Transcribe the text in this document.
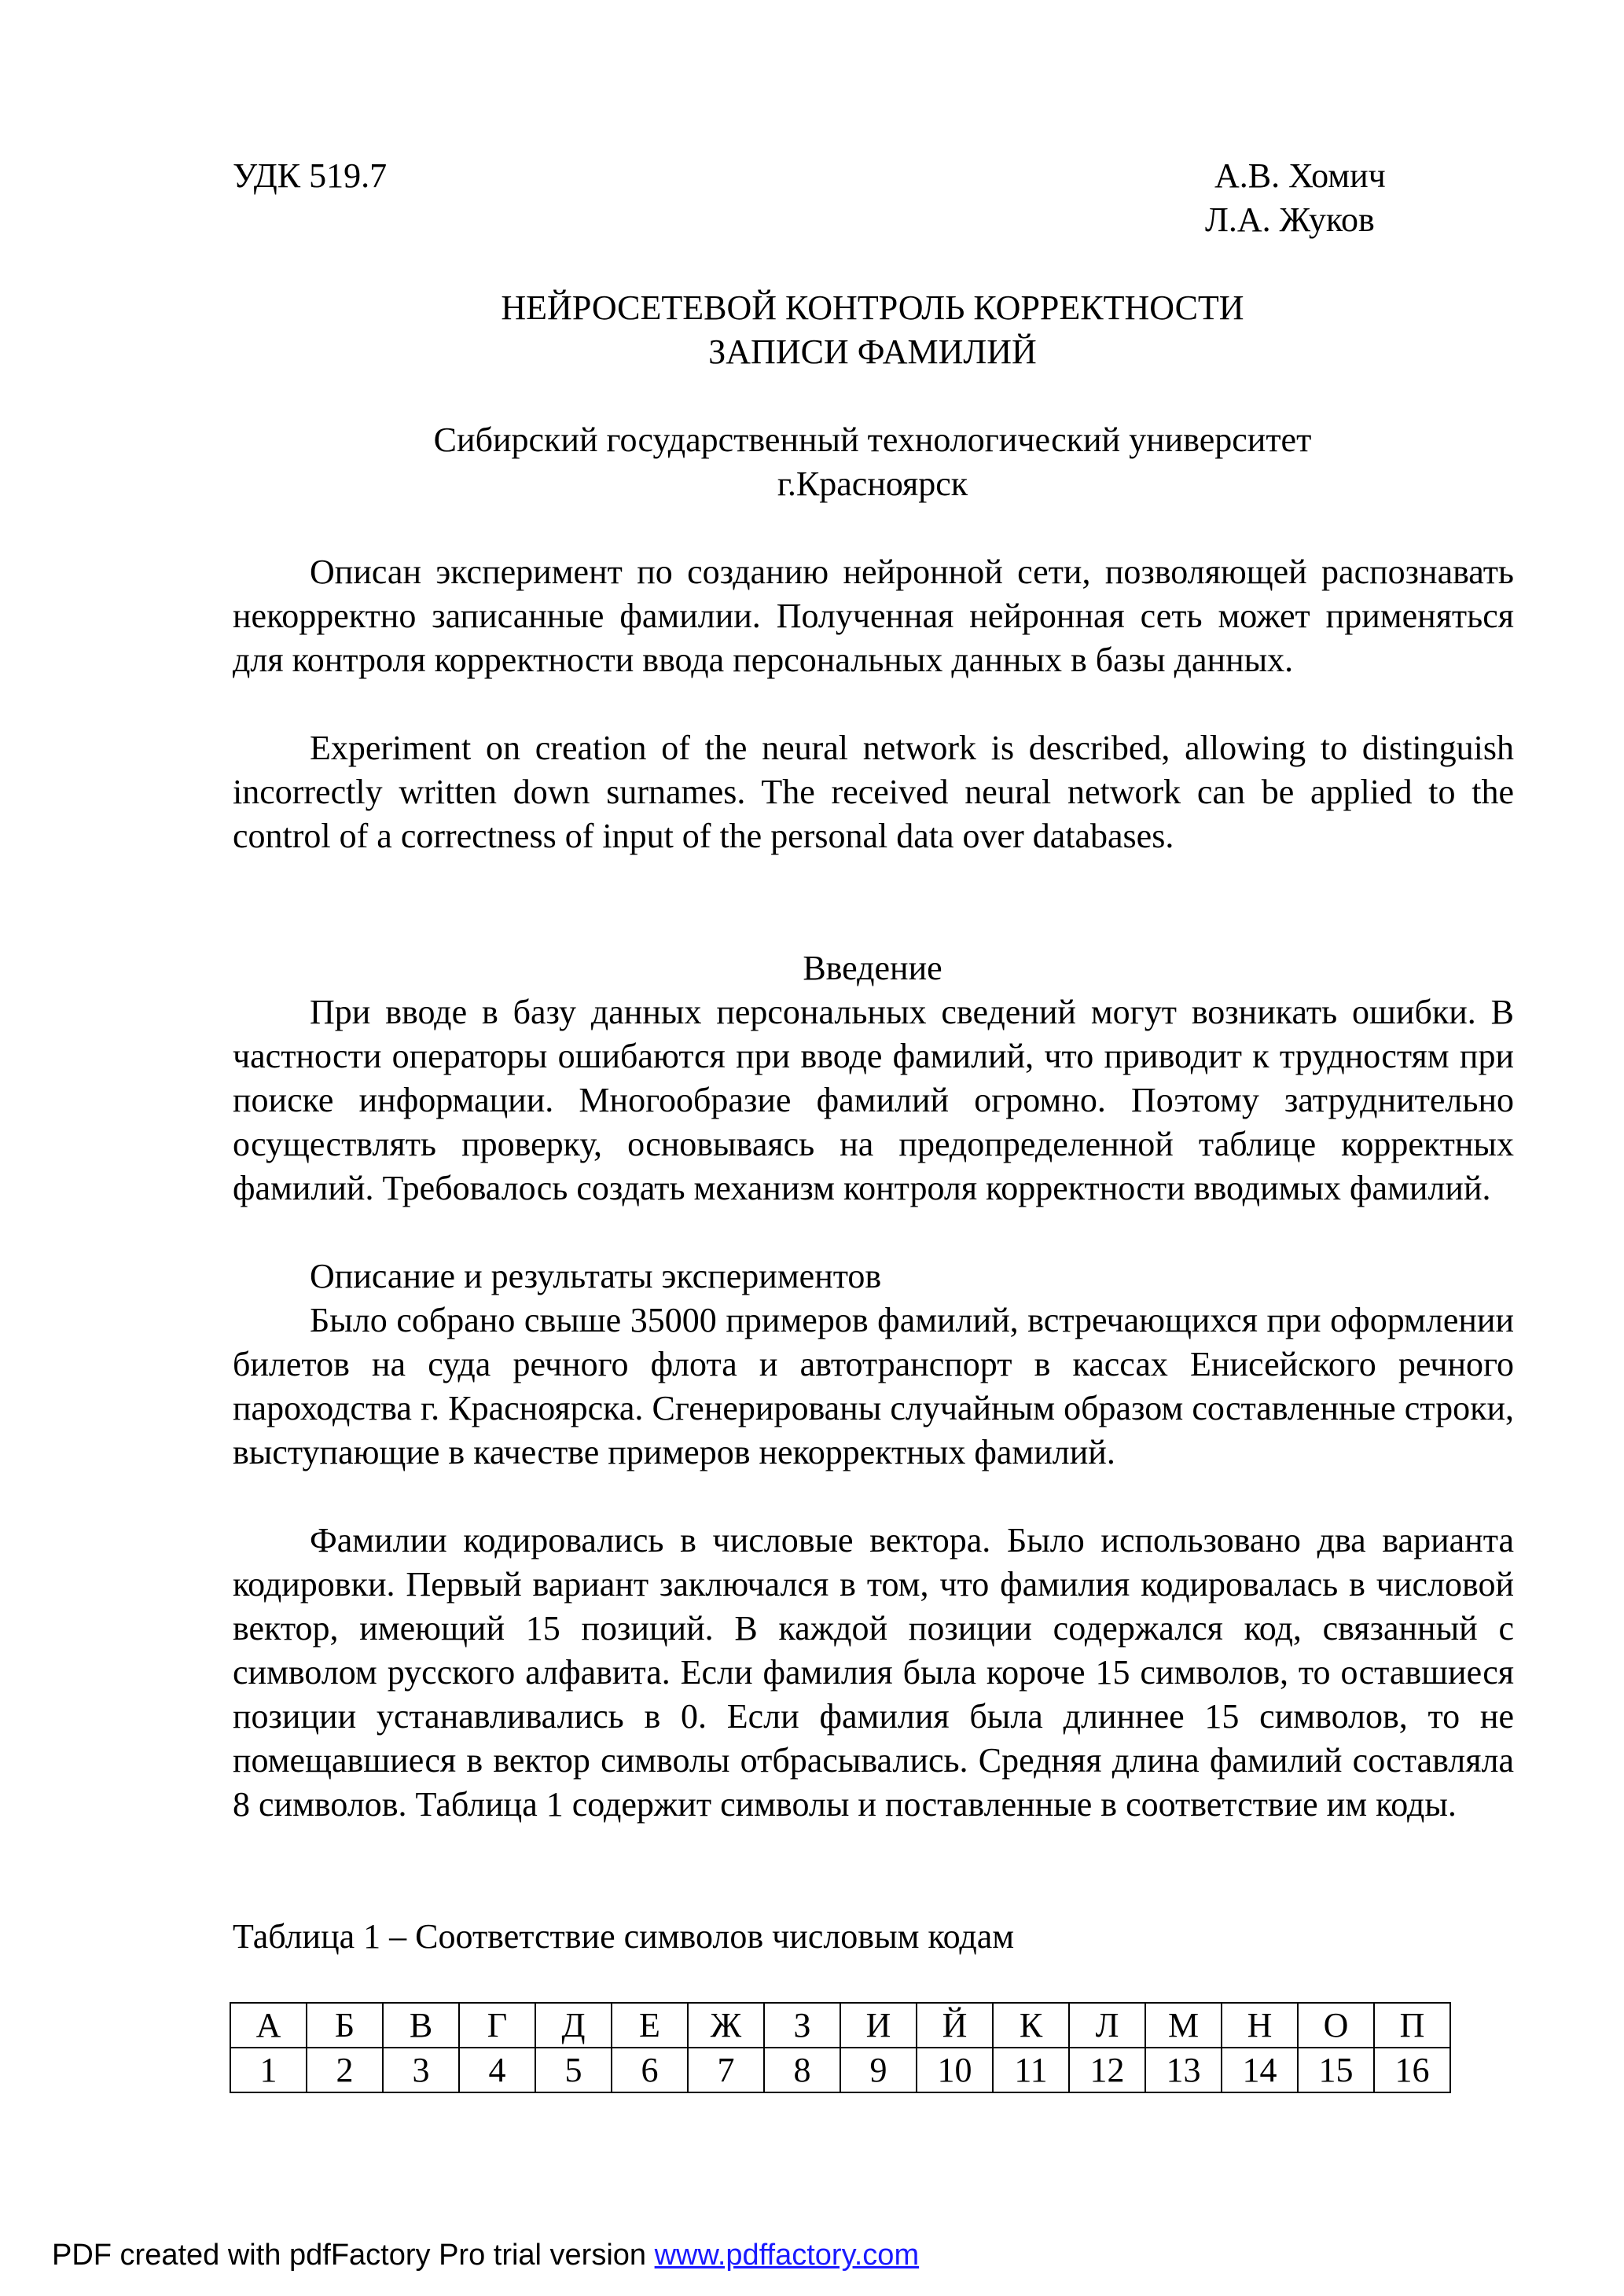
УДК 519.7	А.В. Хомич
Л.А. Жуков
НЕЙРОСЕТЕВОЙ КОНТРОЛЬ КОРРЕКТНОСТИ
ЗАПИСИ ФАМИЛИЙ
Сибирский государственный технологический университет
г.Красноярск
Описан эксперимент по созданию нейронной сети, позволяющей распознавать некорректно записанные фамилии. Полученная нейронная сеть может применяться для контроля корректности ввода персональных данных в базы данных.
Experiment on creation of the neural network is described, allowing to distinguish incorrectly written down surnames. The received neural network can be applied to the control of a correctness of input of the personal data over databases.
Введение
При вводе в базу данных персональных сведений могут возникать ошибки. В частности операторы ошибаются при вводе фамилий, что приводит к трудностям при поиске информации. Многообразие фамилий огромно. Поэтому затруднительно осуществлять проверку, основываясь на предопределенной таблице корректных фамилий. Требовалось создать механизм контроля корректности вводимых фамилий.
Описание и результаты экспериментов
Было собрано свыше 35000 примеров фамилий, встречающихся при оформлении билетов на суда речного флота и автотранспорт в кассах Енисейского речного пароходства г. Красноярска. Сгенерированы случайным образом составленные строки, выступающие в качестве примеров некорректных фамилий.
Фамилии кодировались в числовые вектора. Было использовано два варианта кодировки. Первый вариант заключался в том, что фамилия кодировалась в числовой вектор, имеющий 15 позиций. В каждой позиции содержался код, связанный с символом русского алфавита. Если фамилия была короче 15 символов, то оставшиеся позиции устанавливались в 0. Если фамилия была длиннее 15 символов, то не помещавшиеся в вектор символы отбрасывались. Средняя длина фамилий составляла 8 символов. Таблица 1 содержит символы и поставленные в соответствие им коды.
Таблица 1 – Соответствие символов числовым кодам
А	Б	В	Г	Д	Е	Ж	З	И	Й	К	Л	М	Н	О	П
1	2	3	4	5	6	7	8	9	10	11	12	13	14	15	16
PDF created with pdfFactory Pro trial version www.pdffactory.com
